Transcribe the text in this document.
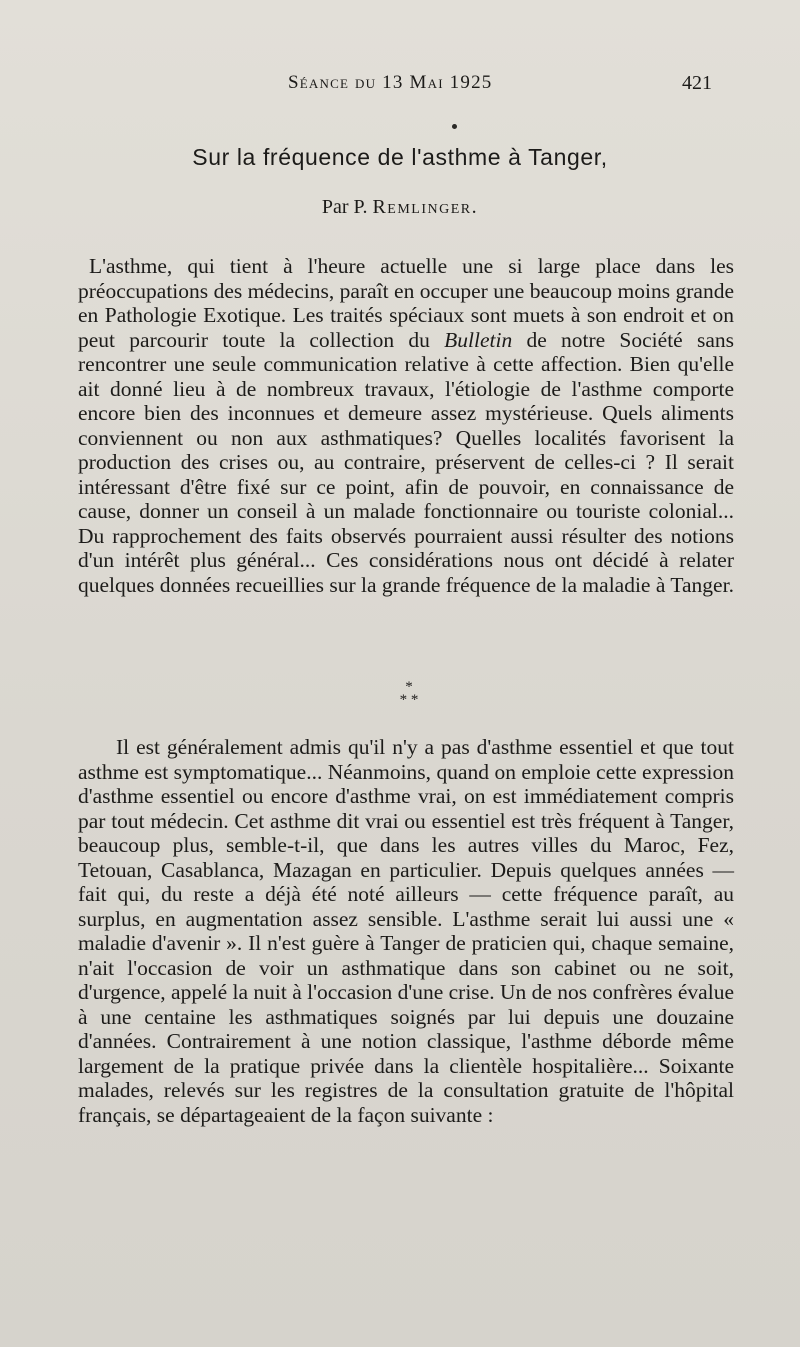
Séance du 13 Mai 1925	421
Sur la fréquence de l'asthme à Tanger,
Par P. Remlinger.

L'asthme, qui tient à l'heure actuelle une si large place dans les préoccupations des médecins, paraît en occuper une beaucoup moins grande en Pathologie Exotique. Les traités spéciaux sont muets à son endroit et on peut parcourir toute la collection du Bulletin de notre Société sans rencontrer une seule communication relative à cette affection. Bien qu'elle ait donné lieu à de nombreux travaux, l'étiologie de l'asthme comporte encore bien des inconnues et demeure assez mystérieuse. Quels aliments conviennent ou non aux asthmatiques? Quelles localités favorisent la production des crises ou, au contraire, préservent de celles-ci ? Il serait intéressant d'être fixé sur ce point, afin de pouvoir, en connaissance de cause, donner un conseil à un malade fonctionnaire ou touriste colonial... Du rapprochement des faits observés pourraient aussi résulter des notions d'un intérêt plus général... Ces considérations nous ont décidé à relater quelques données recueillies sur la grande fréquence de la maladie à Tanger.

*
* *

Il est généralement admis qu'il n'y a pas d'asthme essentiel et que tout asthme est symptomatique... Néanmoins, quand on emploie cette expression d'asthme essentiel ou encore d'asthme vrai, on est immédiatement compris par tout médecin. Cet asthme dit vrai ou essentiel est très fréquent à Tanger, beaucoup plus, semble-t-il, que dans les autres villes du Maroc, Fez, Tetouan, Casablanca, Mazagan en particulier. Depuis quelques années — fait qui, du reste a déjà été noté ailleurs — cette fréquence paraît, au surplus, en augmentation assez sensible. L'asthme serait lui aussi une « maladie d'avenir ». Il n'est guère à Tanger de praticien qui, chaque semaine, n'ait l'occasion de voir un asthmatique dans son cabinet ou ne soit, d'urgence, appelé la nuit à l'occasion d'une crise. Un de nos confrères évalue à une centaine les asthmatiques soignés par lui depuis une douzaine d'années. Contrairement à une notion classique, l'asthme déborde même largement de la pratique privée dans la clientèle hospitalière... Soixante malades, relevés sur les registres de la consultation gratuite de l'hôpital français, se départageaient de la façon suivante :
